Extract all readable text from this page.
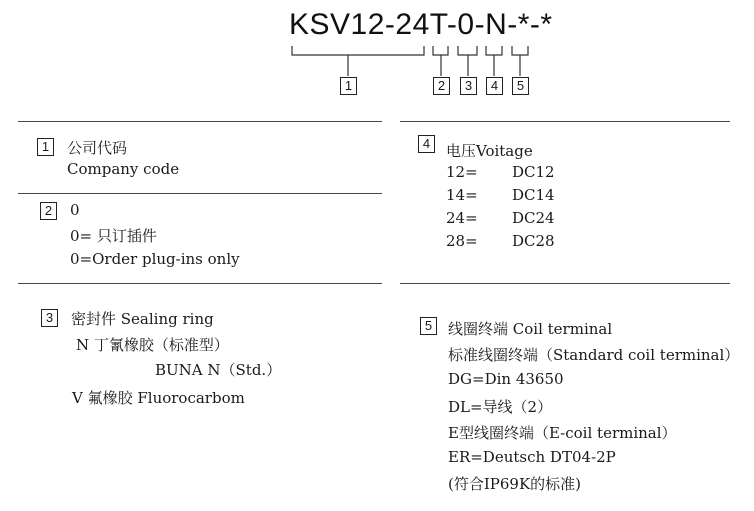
KSV12-24T-0-N-*-*
1	2	3	4	5
1	公司代码
Company code
2	0
0= 只订插件
0=Order plug-ins only
3	密封件 Sealing ring
N 丁氰橡胶（标准型）
BUNA N（Std.）
V 氟橡胶 Fluorocarbom
4	电压Voitage
12= DC12
14= DC14
24= DC24
28= DC28
5	线圈终端 Coil terminal
标准线圈终端（Standard coil terminal）
DG=Din 43650
DL=导线（2）
E型线圈终端（E-coil terminal）
ER=Deutsch DT04-2P
(符合IP69K的标准)
